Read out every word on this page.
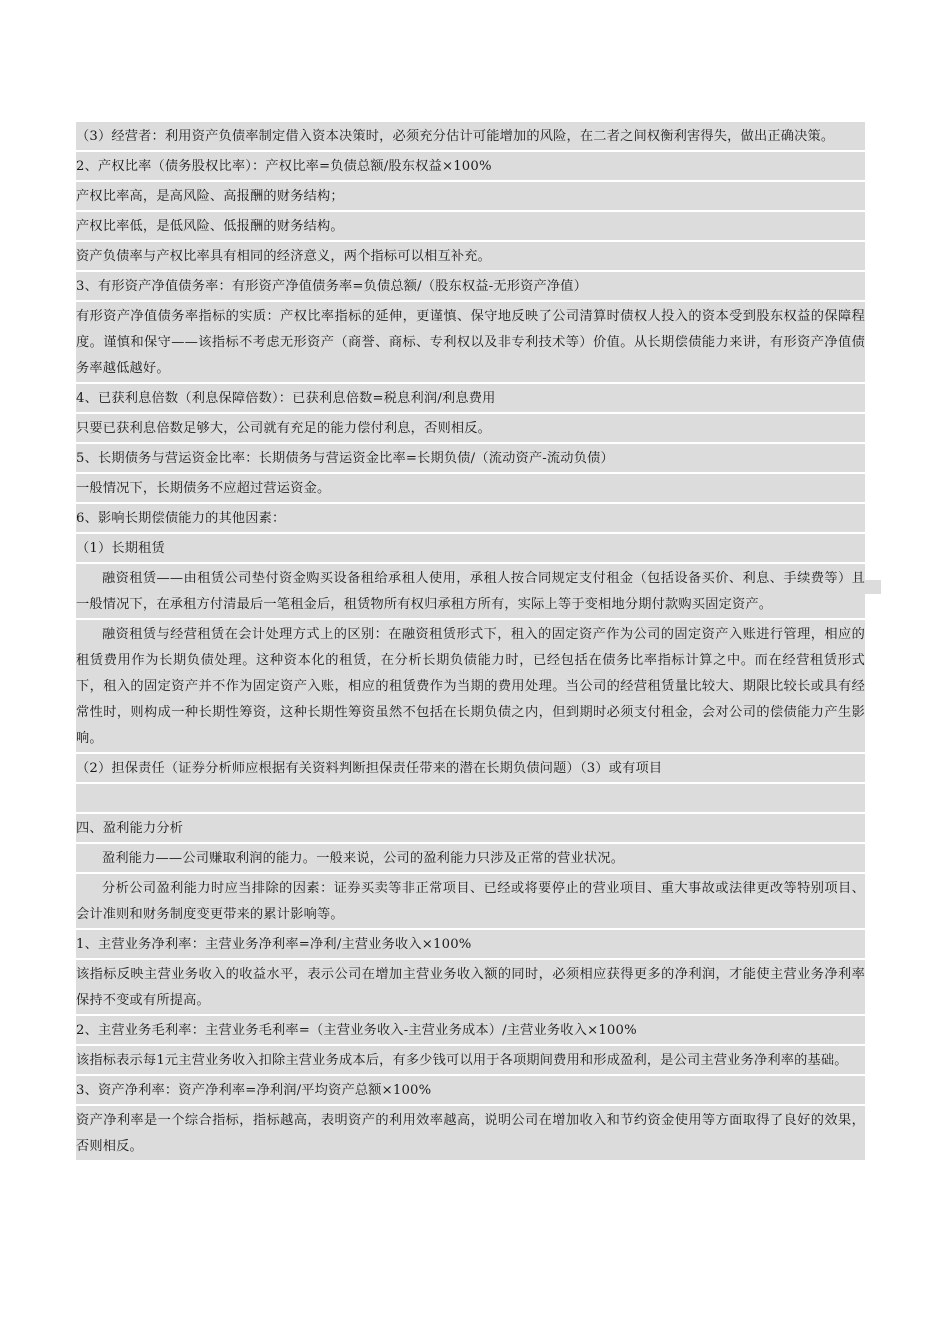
（3）经营者：利用资产负债率制定借入资本决策时，必须充分估计可能增加的风险，在二者之间权衡利害得失，做出正确决策。
2、产权比率（债务股权比率）：产权比率=负债总额/股东权益×100%
产权比率高，是高风险、高报酬的财务结构；
产权比率低，是低风险、低报酬的财务结构。
资产负债率与产权比率具有相同的经济意义，两个指标可以相互补充。
3、有形资产净值债务率：有形资产净值债务率=负债总额/（股东权益-无形资产净值）
有形资产净值债务率指标的实质：产权比率指标的延伸，更谨慎、保守地反映了公司清算时债权人投入的资本受到股东权益的保障程度。谨慎和保守——该指标不考虑无形资产（商誉、商标、专利权以及非专利技术等）价值。从长期偿债能力来讲，有形资产净值债务率越低越好。
4、已获利息倍数（利息保障倍数）：已获利息倍数=税息利润/利息费用
只要已获利息倍数足够大，公司就有充足的能力偿付利息，否则相反。
5、长期债务与营运资金比率：长期债务与营运资金比率=长期负债/（流动资产-流动负债）
一般情况下，长期债务不应超过营运资金。
6、影响长期偿债能力的其他因素：
（1）长期租赁
融资租赁——由租赁公司垫付资金购买设备租给承租人使用，承租人按合同规定支付租金（包括设备买价、利息、手续费等）且一般情况下，在承租方付清最后一笔租金后，租赁物所有权归承租方所有，实际上等于变相地分期付款购买固定资产。
融资租赁与经营租赁在会计处理方式上的区别：在融资租赁形式下，租入的固定资产作为公司的固定资产入账进行管理，相应的租赁费用作为长期负债处理。这种资本化的租赁，在分析长期负债能力时，已经包括在债务比率指标计算之中。而在经营租赁形式下，租入的固定资产并不作为固定资产入账，相应的租赁费作为当期的费用处理。当公司的经营租赁量比较大、期限比较长或具有经常性时，则构成一种长期性筹资，这种长期性筹资虽然不包括在长期负债之内，但到期时必须支付租金，会对公司的偿债能力产生影响。
（2）担保责任（证券分析师应根据有关资料判断担保责任带来的潜在长期负债问题）（3）或有项目
四、盈利能力分析
盈利能力——公司赚取利润的能力。一般来说，公司的盈利能力只涉及正常的营业状况。
分析公司盈利能力时应当排除的因素：证券买卖等非正常项目、已经或将要停止的营业项目、重大事故或法律更改等特别项目、会计准则和财务制度变更带来的累计影响等。
1、主营业务净利率：主营业务净利率=净利/主营业务收入×100%
该指标反映主营业务收入的收益水平，表示公司在增加主营业务收入额的同时，必须相应获得更多的净利润，才能使主营业务净利率保持不变或有所提高。
2、主营业务毛利率：主营业务毛利率=（主营业务收入-主营业务成本）/主营业务收入×100%
该指标表示每1元主营业务收入扣除主营业务成本后，有多少钱可以用于各项期间费用和形成盈利，是公司主营业务净利率的基础。
3、资产净利率：资产净利率=净利润/平均资产总额×100%
资产净利率是一个综合指标，指标越高，表明资产的利用效率越高，说明公司在增加收入和节约资金使用等方面取得了良好的效果，否则相反。
